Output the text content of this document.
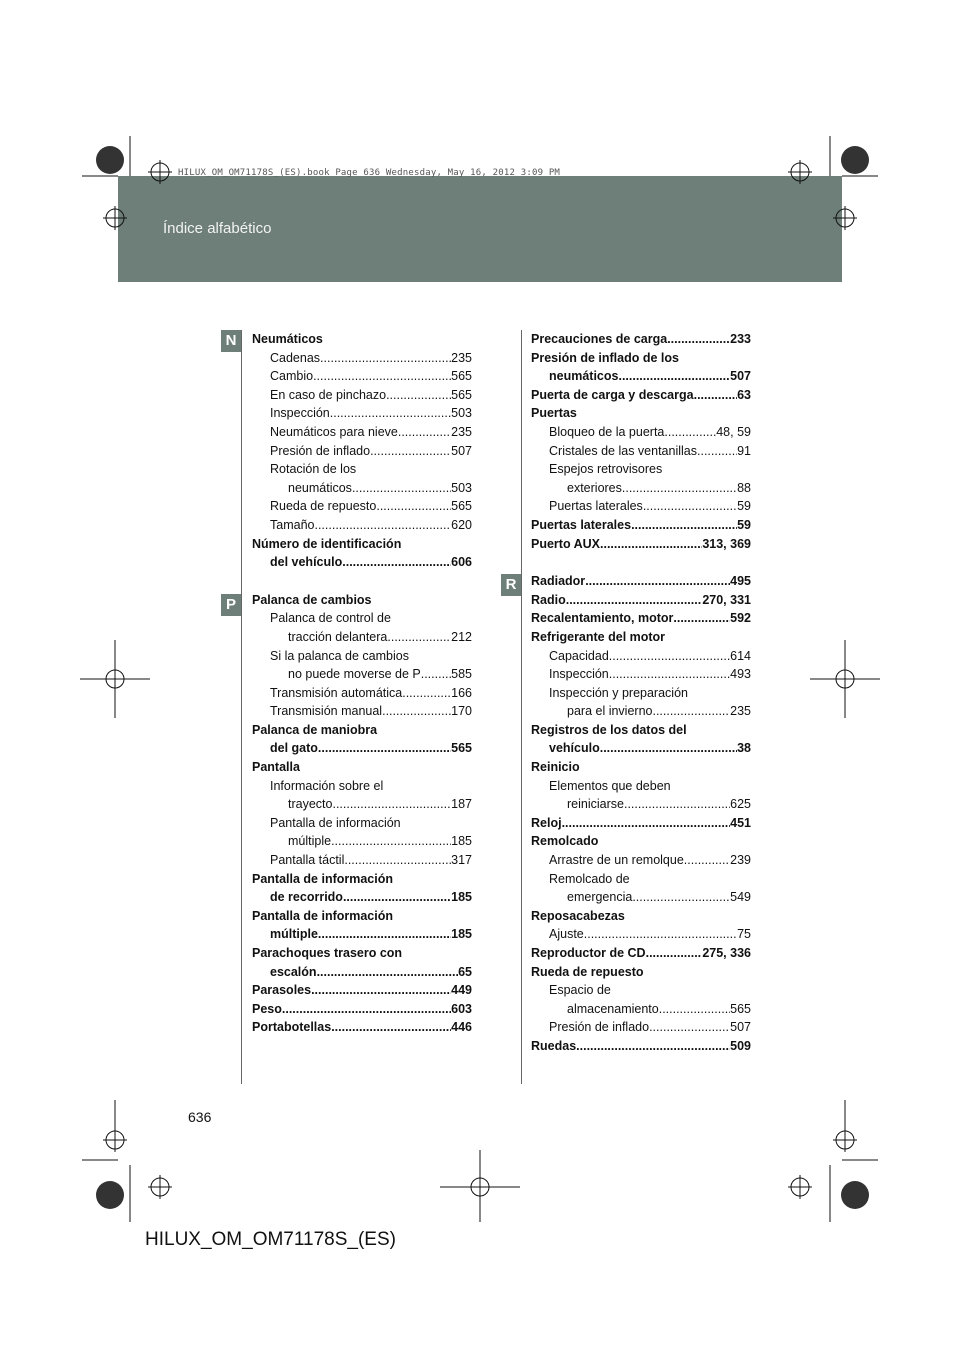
Índice alfabético
HILUX_OM_OM71178S_(ES).book Page 636 Wednesday, May 16, 2012 3:09 PM
N
P
R
Neumáticos
Cadenas .....	235
Cambio .....	565
En caso de pinchazo .....	565
Inspección .....	503
Neumáticos para nieve .....	235
Presión de inflado .....	507
Rotación de los
neumáticos .....	503
Rueda de repuesto .....	565
Tamaño .....	620
Número de identificación
del vehículo .....	606
Palanca de cambios
Palanca de control de
tracción delantera .....	212
Si la palanca de cambios
no puede moverse de P ..... 585
Transmisión automática .....	166
Transmisión manual .....	170
Palanca de maniobra
del gato .....	565
Pantalla
Información sobre el
trayecto .....	187
Pantalla de información
múltiple .....	185
Pantalla táctil .....	317
Pantalla de información
de recorrido .....	185
Pantalla de información
múltiple .....	185
Parachoques trasero con
escalón .....	65
Parasoles .....	449
Peso .....	603
Portabotellas .....	446
Precauciones de carga .....	233
Presión de inflado de los
neumáticos .....	507
Puerta de carga y descarga .....	63
Puertas
Bloqueo de la puerta .....	48, 59
Cristales de las ventanillas .....	91
Espejos retrovisores
exteriores .....	88
Puertas laterales .....	59
Puertas laterales .....	59
Puerto AUX .....	313, 369
Radiador .....	495
Radio .....	270, 331
Recalentamiento, motor .....	592
Refrigerante del motor
Capacidad .....	614
Inspección .....	493
Inspección y preparación
para el invierno .....	235
Registros de los datos del
vehículo .....	38
Reinicio
Elementos que deben
reiniciarse .....	625
Reloj .....	451
Remolcado
Arrastre de un remolque .....	239
Remolcado de
emergencia .....	549
Reposacabezas
Ajuste .....	75
Reproductor de CD .....	275, 336
Rueda de repuesto
Espacio de
almacenamiento .....	565
Presión de inflado .....	507
Ruedas .....	509
636
HILUX_OM_OM71178S_(ES)
